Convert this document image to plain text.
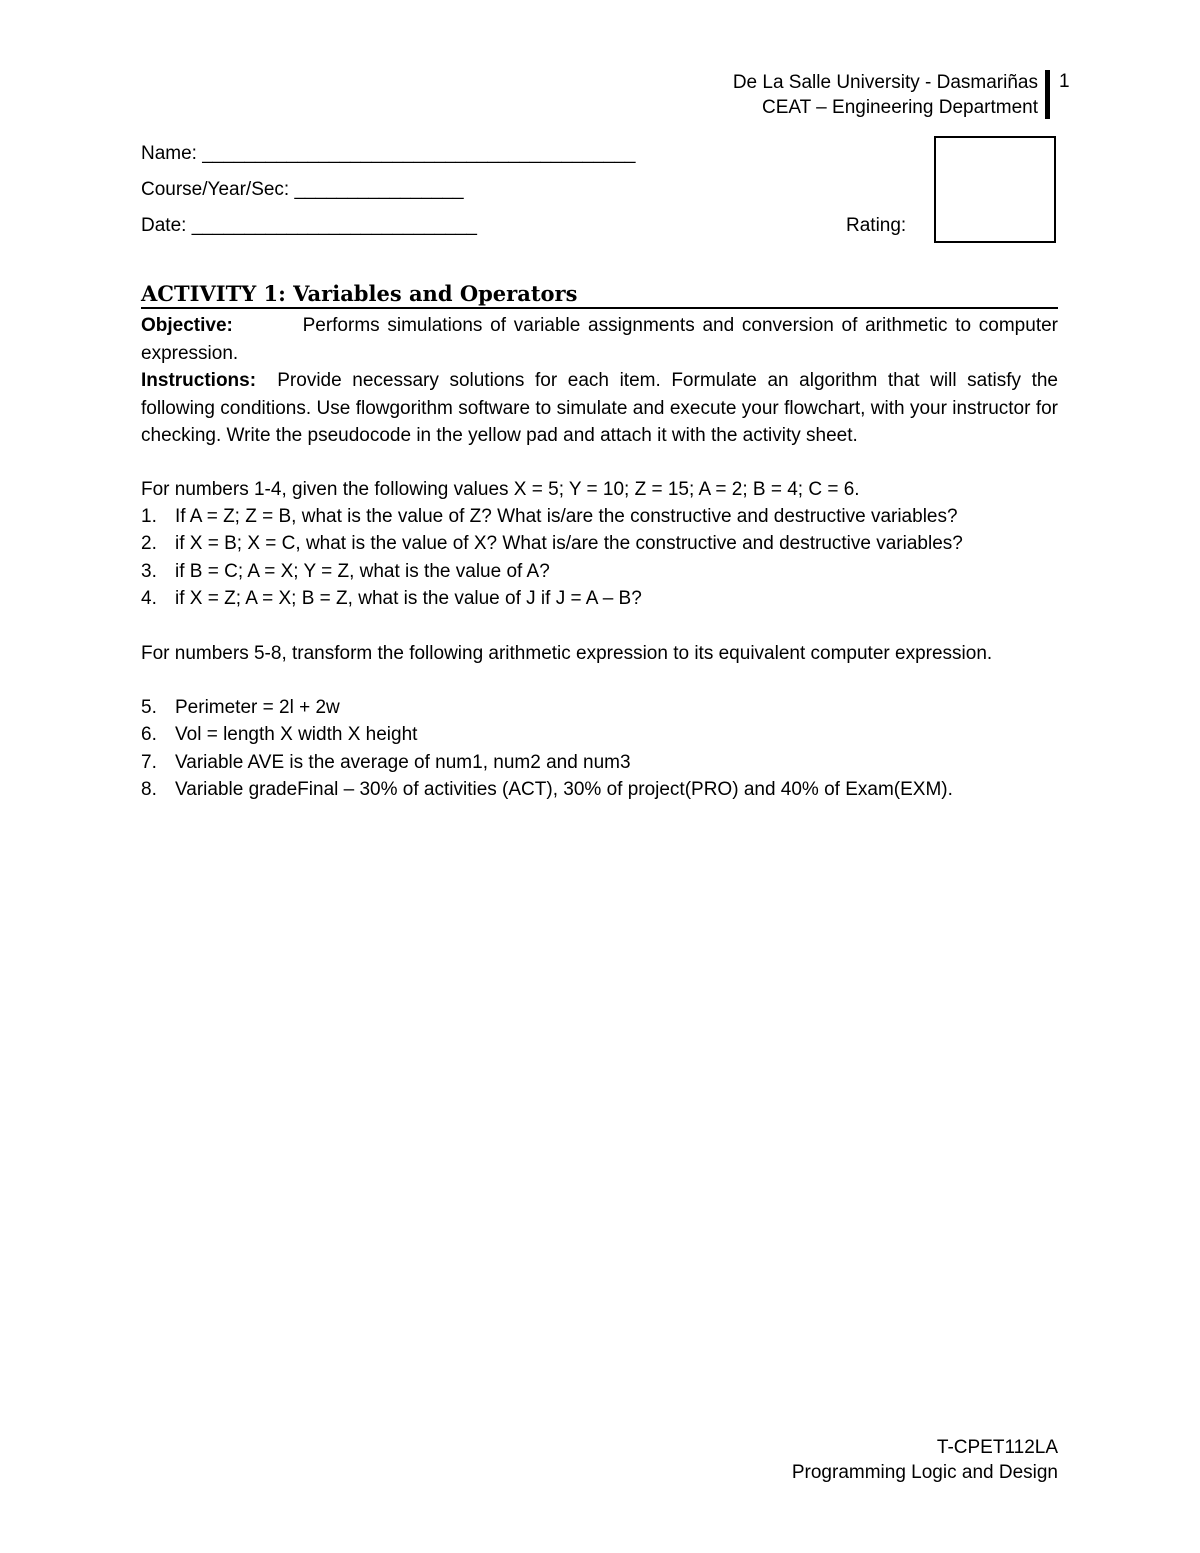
De La Salle University - Dasmariñas
CEAT – Engineering Department
1
Name: _________________________________________
Course/Year/Sec: ________________
Date: ___________________________	Rating:
ACTIVITY 1: Variables and Operators
Objective:	Performs simulations of variable assignments and conversion of arithmetic to computer expression.
Instructions: Provide necessary solutions for each item. Formulate an algorithm that will satisfy the following conditions. Use flowgorithm software to simulate and execute your flowchart, with your instructor for checking. Write the pseudocode in the yellow pad and attach it with the activity sheet.
For numbers 1-4, given the following values X = 5; Y = 10; Z = 15; A = 2; B = 4; C = 6.
1. If A = Z; Z = B, what is the value of Z? What is/are the constructive and destructive variables?
2. if X = B; X = C, what is the value of X? What is/are the constructive and destructive variables?
3. if B = C; A = X; Y = Z, what is the value of A?
4. if X = Z; A = X; B = Z, what is the value of J if J = A – B?
For numbers 5-8, transform the following arithmetic expression to its equivalent computer expression.
5. Perimeter = 2l + 2w
6. Vol = length X width X height
7. Variable AVE is the average of num1, num2 and num3
8. Variable gradeFinal – 30% of activities (ACT), 30% of project(PRO) and 40% of Exam(EXM).
T-CPET112LA
Programming Logic and Design
